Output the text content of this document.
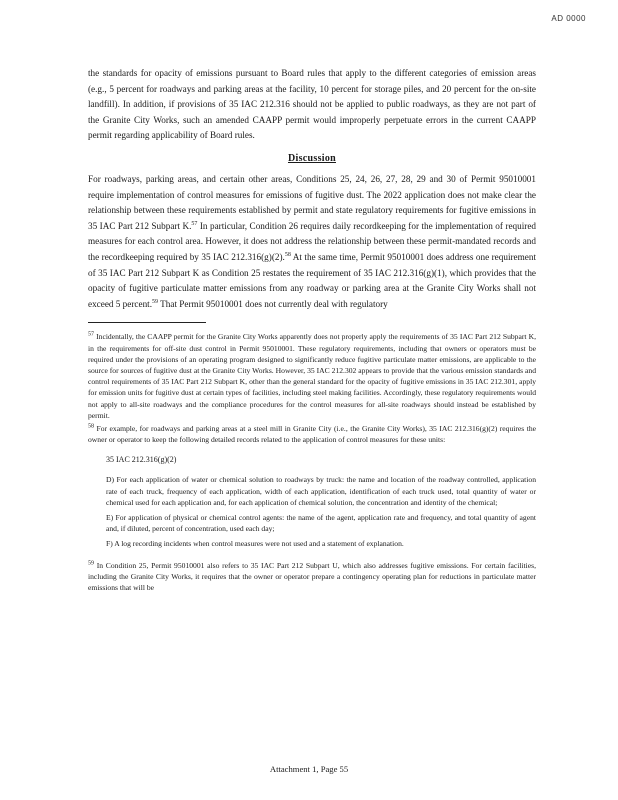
AD 0000

the standards for opacity of emissions pursuant to Board rules that apply to the different categories of emission areas (e.g., 5 percent for roadways and parking areas at the facility, 10 percent for storage piles, and 20 percent for the on-site landfill). In addition, if provisions of 35 IAC 212.316 should not be applied to public roadways, as they are not part of the Granite City Works, such an amended CAAPP permit would improperly perpetuate errors in the current CAAPP permit regarding applicability of Board rules.

Discussion

For roadways, parking areas, and certain other areas, Conditions 25, 24, 26, 27, 28, 29 and 30 of Permit 95010001 require implementation of control measures for emissions of fugitive dust. The 2022 application does not make clear the relationship between these requirements established by permit and state regulatory requirements for fugitive emissions in 35 IAC Part 212 Subpart K.$^{57}$ In particular, Condition 26 requires daily recordkeeping for the implementation of required measures for each control area. However, it does not address the relationship between these permit-mandated records and the recordkeeping required by 35 IAC 212.316(g)(2).$^{58}$ At the same time, Permit 95010001 does address one requirement of 35 IAC Part 212 Subpart K as Condition 25 restates the requirement of 35 IAC 212.316(g)(1), which provides that the opacity of fugitive particulate matter emissions from any roadway or parking area at the Granite City Works shall not exceed 5 percent.$^{59}$ That Permit 95010001 does not currently deal with regulatory

$^{57}$ Incidentally, the CAAPP permit for the Granite City Works apparently does not properly apply the requirements of 35 IAC Part 212 Subpart K, in the requirements for off-site dust control in Permit 95010001. These regulatory requirements, including that owners or operators must be required under the provisions of an operating program designed to significantly reduce fugitive particulate matter emissions, are applicable to the source for sources of fugitive dust at the Granite City Works. However, 35 IAC 212.302 appears to provide that the various emission standards and control requirements of 35 IAC Part 212 Subpart K, other than the general standard for the opacity of fugitive emissions in 35 IAC 212.301, apply for emission units for fugitive dust at certain types of facilities, including steel making facilities. Accordingly, these regulatory requirements would not apply to all-site roadways and the compliance procedures for the control measures for all-site roadways should instead be established by permit.

$^{58}$ For example, for roadways and parking areas at a steel mill in Granite City (i.e., the Granite City Works), 35 IAC 212.316(g)(2) requires the owner or operator to keep the following detailed records related to the application of control measures for these units:

35 IAC 212.316(g)(2)

D) For each application of water or chemical solution to roadways by truck: the name and location of the roadway controlled, application rate of each truck, frequency of each application, width of each application, identification of each truck used, total quantity of water or chemical used for each application and, for each application of chemical solution, the concentration and identity of the chemical;

E) For application of physical or chemical control agents: the name of the agent, application rate and frequency, and total quantity of agent and, if diluted, percent of concentration, used each day;

F) A log recording incidents when control measures were not used and a statement of explanation.

$^{59}$ In Condition 25, Permit 95010001 also refers to 35 IAC Part 212 Subpart U, which also addresses fugitive emissions. For certain facilities, including the Granite City Works, it requires that the owner or operator prepare a contingency operating plan for reductions in particulate matter emissions that will be

Attachment 1, Page 55
